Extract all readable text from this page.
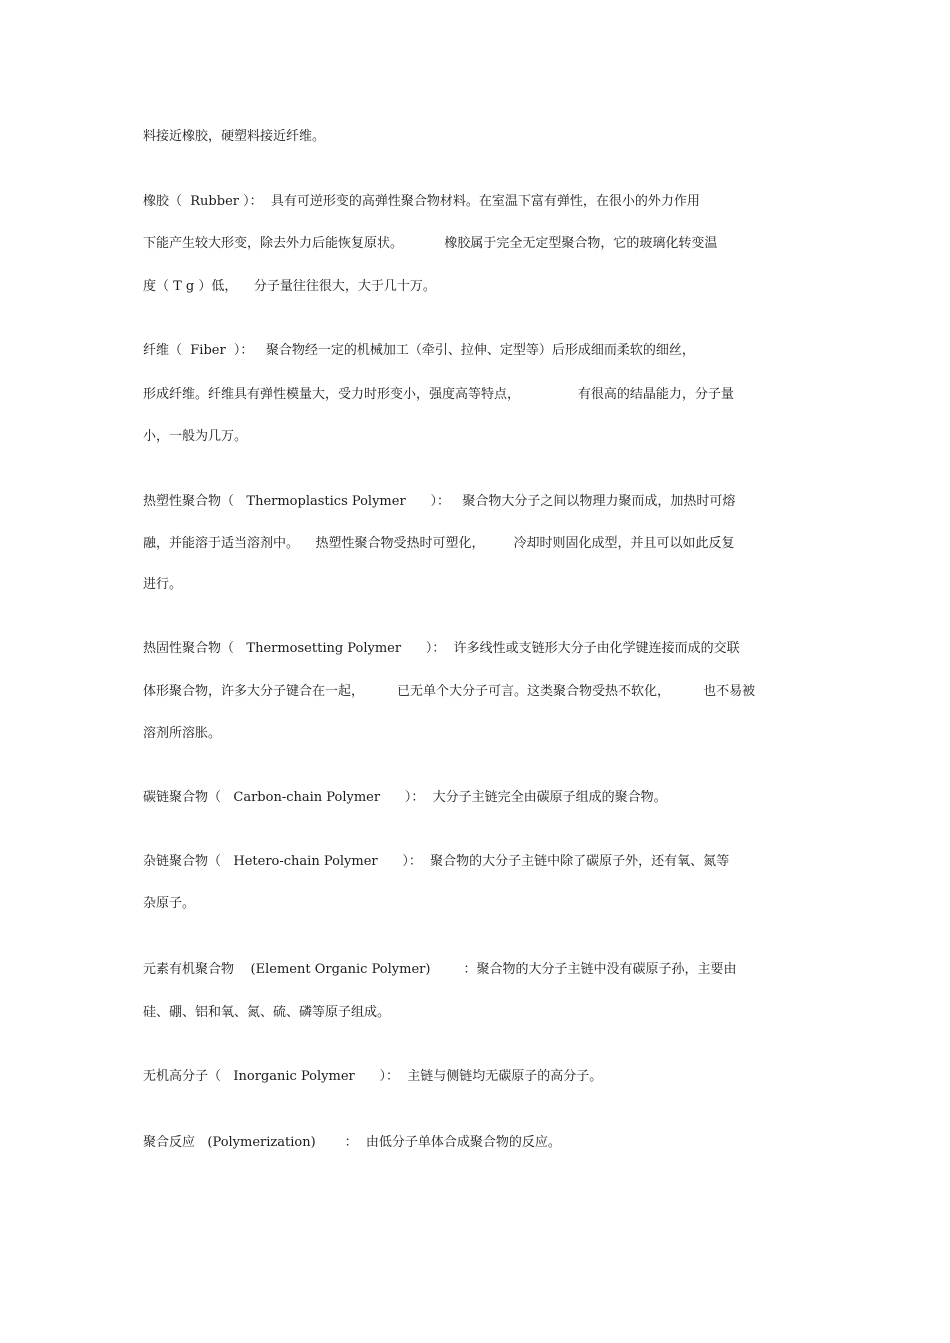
料接近橡胶，硬塑料接近纤维。

橡胶（  Rubber ）：  具有可逆形变的高弹性聚合物材料。在室温下富有弹性，在很小的外力作用

下能产生较大形变，除去外力后能恢复原状。          橡胶属于完全无定型聚合物，它的玻璃化转变温

度（ T g ）低，    分子量往往很大，大于几十万。

纤维（  Fiber  ）：   聚合物经一定的机械加工（牵引、拉伸、定型等）后形成细而柔软的细丝，

形成纤维。纤维具有弹性模量大，受力时形变小，强度高等特点，              有很高的结晶能力，分子量

小，一般为几万。

热塑性聚合物（   Thermoplastics Polymer      ）：   聚合物大分子之间以物理力聚而成，加热时可熔

融，并能溶于适当溶剂中。    热塑性聚合物受热时可塑化，       冷却时则固化成型，并且可以如此反复

进行。

热固性聚合物（   Thermosetting Polymer      ）：  许多线性或支链形大分子由化学键连接而成的交联

体形聚合物，许多大分子键合在一起，        已无单个大分子可言。这类聚合物受热不软化，        也不易被

溶剂所溶胀。

碳链聚合物（   Carbon-chain Polymer      ）：  大分子主链完全由碳原子组成的聚合物。

杂链聚合物（   Hetero-chain Polymer      ）：  聚合物的大分子主链中除了碳原子外，还有氧、氮等

杂原子。

元素有机聚合物    (Element Organic Polymer)        ：聚合物的大分子主链中没有碳原子孙，主要由

硅、硼、铝和氧、氮、硫、磷等原子组成。

无机高分子（   Inorganic Polymer      ）：  主链与侧链均无碳原子的高分子。

聚合反应   (Polymerization)       ：  由低分子单体合成聚合物的反应。
